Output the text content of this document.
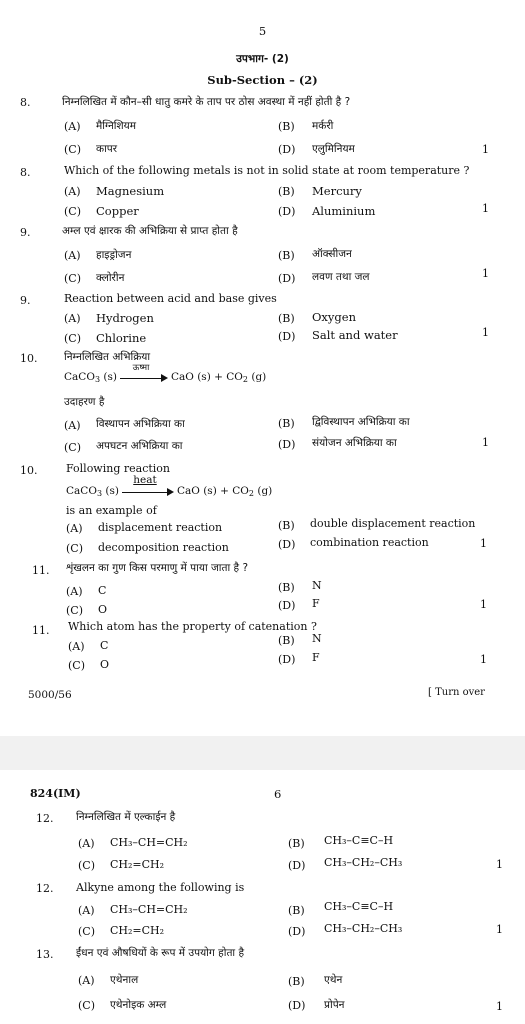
5
उपभाग- (2)
Sub-Section – (2)
8.	निम्नलिखित में कौन–सी धातु कमरे के ताप पर ठोस अवस्था में नहीं होती है ?
(A) मैग्निशियम	(B) मर्करी
(C) कापर	(D) एलुमिनियम	1
8.	Which of the following metals is not in solid state at room temperature ?
(A) Magnesium	(B) Mercury
(C) Copper	(D) Aluminium	1
9.	अम्ल एवं क्षारक की अभिक्रिया से प्राप्त होता है
(A) हाइड्रोजन	(B) ऑक्सीजन
(C) क्लोरीन	(D) लवण तथा जल	1
9.	Reaction between acid and base gives
(A) Hydrogen	(B) Oxygen
(C) Chlorine	(D) Salt and water	1
10.	निम्नलिखित अभिक्रिया
CaCO$_3$ (s)
ऊष्मा
CaO $(s) + CO_2$ (g)
उदाहरण है
(A) विस्थापन अभिक्रिया का	(B) द्विविस्थापन अभिक्रिया का
(C) अपघटन अभिक्रिया का	(D) संयोजन अभिक्रिया का	1
10.	Following reaction
CaCO$_3$ (s)
heat
CaO $(s) + CO_2$ (g)
is an example of
(A) displacement reaction	(B) double displacement reaction
(C) decomposition reaction	(D) combination reaction	1
11. शृंखलन का गुण किस परमाणु में पाया जाता है ?
(A) C	(B) N
(C) O	(D) F	1
11. Which atom has the property of catenation ?
(A) C	(B) N
(C) O	(D) F	1
5000/56	[ Turn over
824(IM)	6
12. निम्नलिखित में एल्काईन है
(A) CH₃–CH=CH₂	(B) CH₃–C≡C–H
(C) CH₂=CH₂	(D) CH₃–CH₂–CH₃	1
12. Alkyne among the following is
(A) CH₃–CH=CH₂	(B) CH₃–C≡C–H
(C) CH₂=CH₂	(D) CH₃–CH₂–CH₃	1
13. ईंधन एवं औषधियों के रूप में उपयोग होता है
(A) एथेनाल	(B) एथेन
(C) एथेनोइक अम्ल	(D) प्रोपेन	1
